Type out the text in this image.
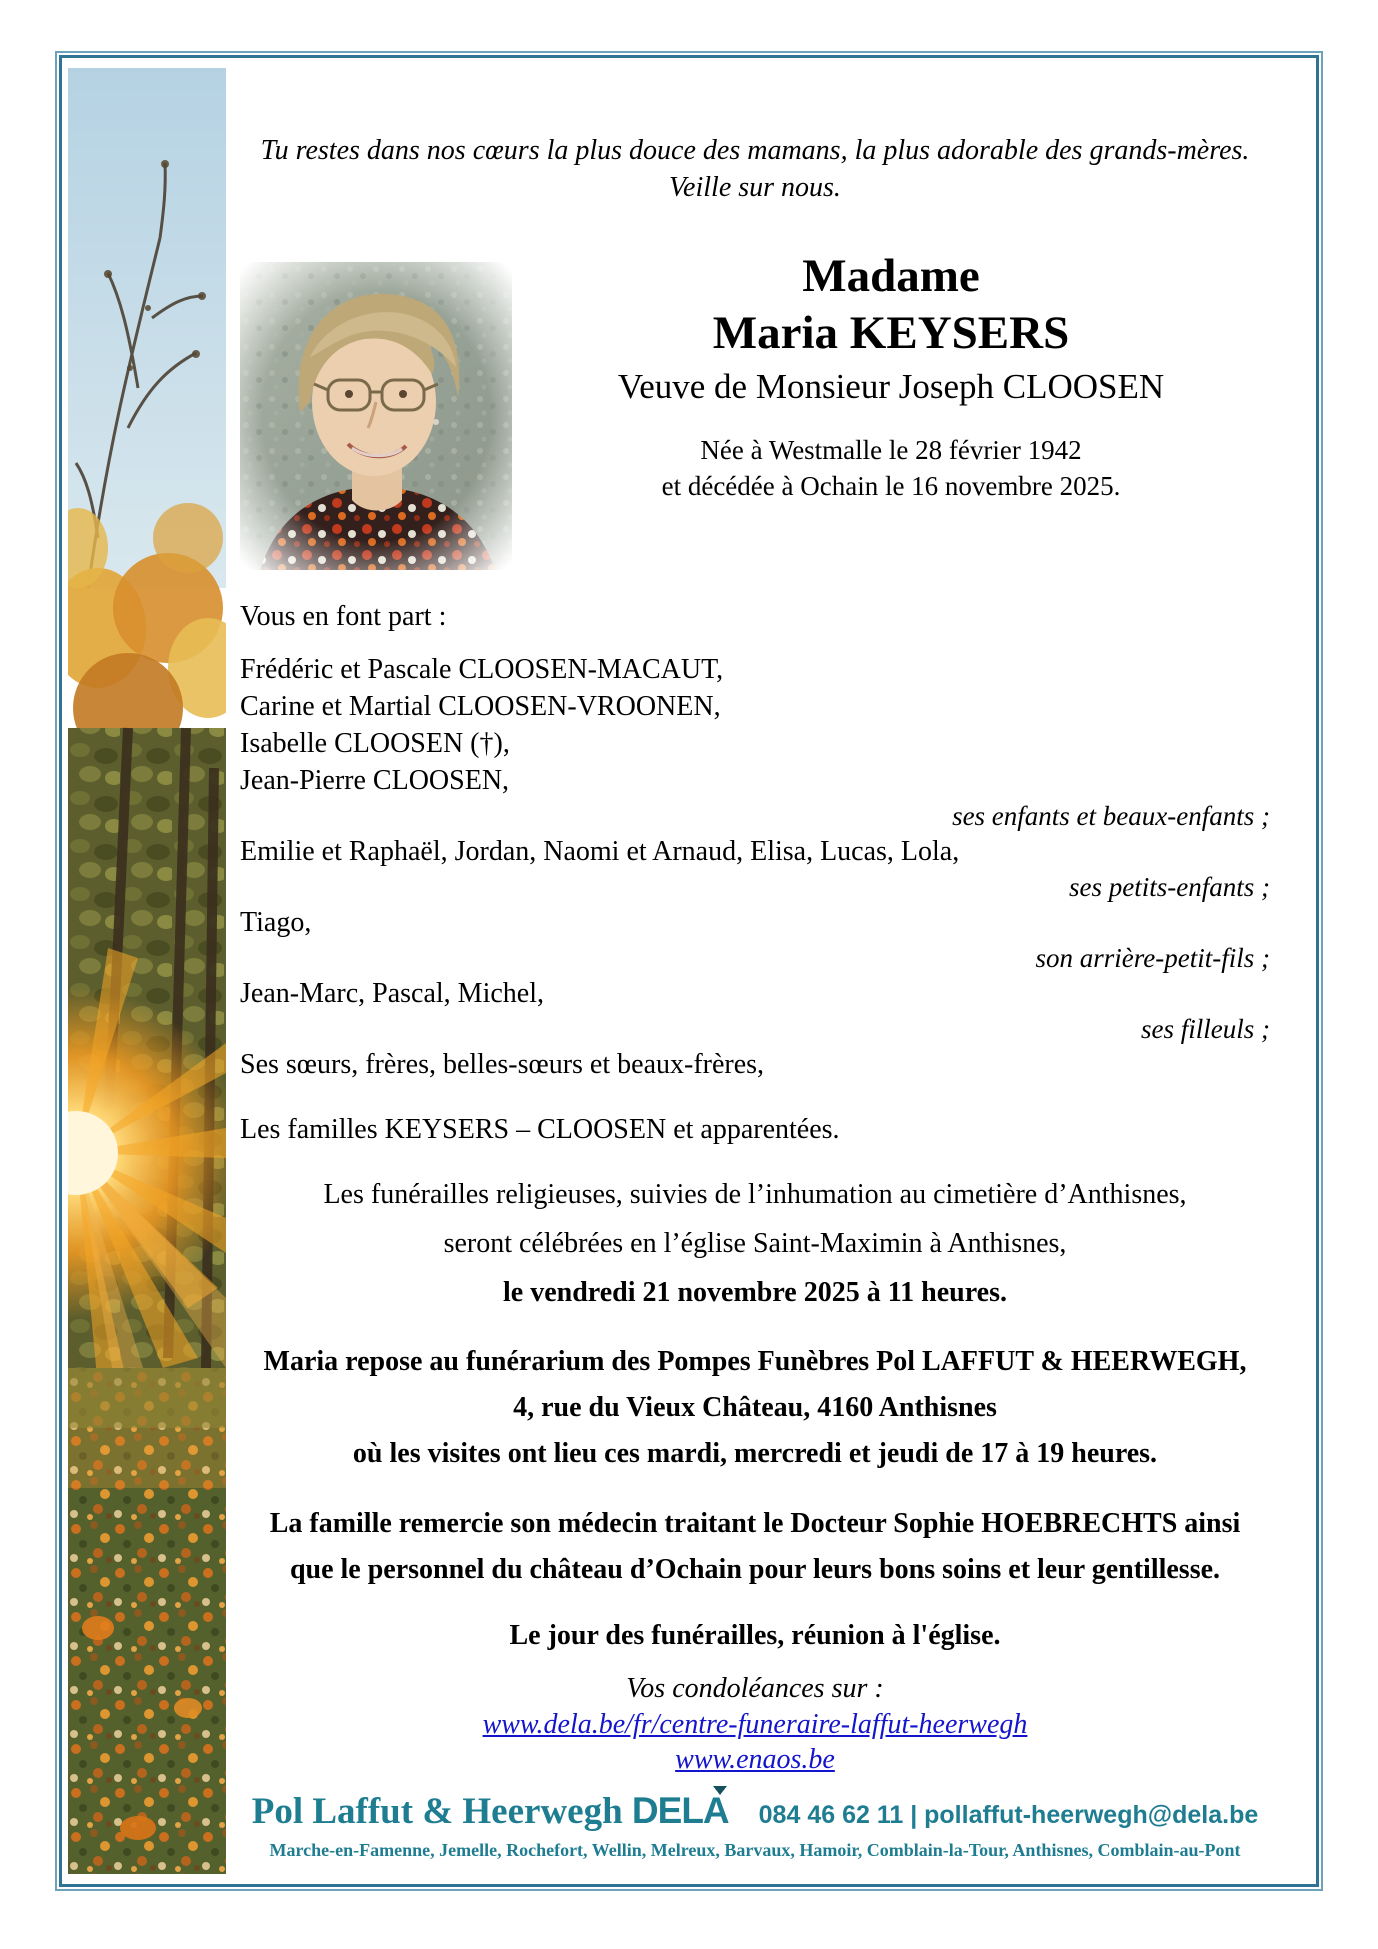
Tu restes dans nos cœurs la plus douce des mamans, la plus adorable des grands-mères.
Veille sur nous.
Madame
Maria KEYSERS
Veuve de Monsieur Joseph CLOOSEN
Née à Westmalle le 28 février 1942
et décédée à Ochain le 16 novembre 2025.
Vous en font part :
Frédéric et Pascale CLOOSEN-MACAUT,
Carine et Martial CLOOSEN-VROONEN,
Isabelle CLOOSEN (†),
Jean-Pierre CLOOSEN,
ses enfants et beaux-enfants ;
Emilie et Raphaël, Jordan, Naomi et Arnaud, Elisa, Lucas, Lola,
ses petits-enfants ;
Tiago,
son arrière-petit-fils ;
Jean-Marc, Pascal, Michel,
ses filleuls ;
Ses sœurs, frères, belles-sœurs et beaux-frères,
Les familles KEYSERS – CLOOSEN et apparentées.
Les funérailles religieuses, suivies de l’inhumation au cimetière d’Anthisnes,
seront célébrées en l’église Saint-Maximin à Anthisnes,
le vendredi 21 novembre 2025 à 11 heures.
Maria repose au funérarium des Pompes Funèbres Pol LAFFUT & HEERWEGH,
4, rue du Vieux Château, 4160 Anthisnes
où les visites ont lieu ces mardi, mercredi et jeudi de 17 à 19 heures.
La famille remercie son médecin traitant le Docteur Sophie HOEBRECHTS ainsi
que le personnel du château d’Ochain pour leurs bons soins et leur gentillesse.
Le jour des funérailles, réunion à l'église.
Vos condoléances sur :
www.dela.be/fr/centre-funeraire-laffut-heerwegh
www.enaos.be
Pol Laffut & Heerwegh DELA 084 46 62 11 | pollaffut-heerwegh@dela.be
Marche-en-Famenne, Jemelle, Rochefort, Wellin, Melreux, Barvaux, Hamoir, Comblain-la-Tour, Anthisnes, Comblain-au-Pont
